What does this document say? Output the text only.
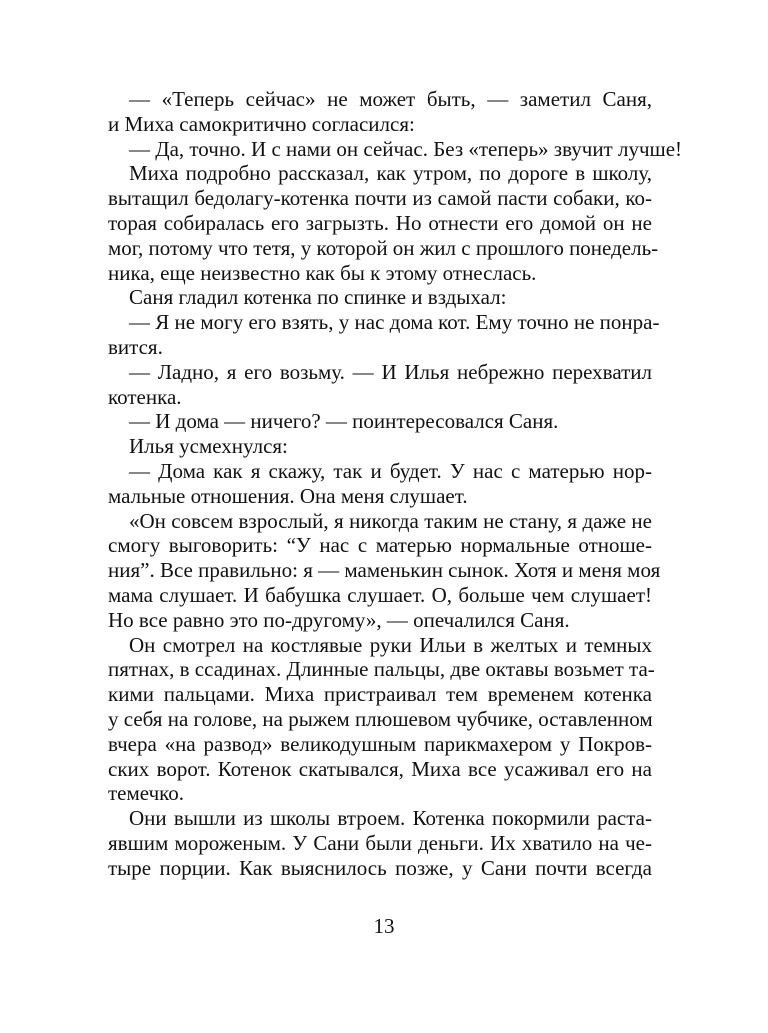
— «Теперь сейчас» не может быть, — заметил Саня,
и Миха самокритично согласился:
— Да, точно. И с нами он сейчас. Без «теперь» звучит лучше!
Миха подробно рассказал, как утром, по дороге в школу,
вытащил бедолагу-котенка почти из самой пасти собаки, ко-
торая собиралась его загрызть. Но отнести его домой он не
мог, потому что тетя, у которой он жил с прошлого понедель-
ника, еще неизвестно как бы к этому отнеслась.
Саня гладил котенка по спинке и вздыхал:
— Я не могу его взять, у нас дома кот. Ему точно не понра-
вится.
— Ладно, я его возьму. — И Илья небрежно перехватил
котенка.
— И дома — ничего? — поинтересовался Саня.
Илья усмехнулся:
— Дома как я скажу, так и будет. У нас с матерью нор-
мальные отношения. Она меня слушает.
«Он совсем взрослый, я никогда таким не стану, я даже не
смогу выговорить: “У нас с матерью нормальные отноше-
ния”. Все правильно: я — маменькин сынок. Хотя и меня моя
мама слушает. И бабушка слушает. О, больше чем слушает!
Но все равно это по-другому», — опечалился Саня.
Он смотрел на костлявые руки Ильи в желтых и темных
пятнах, в ссадинах. Длинные пальцы, две октавы возьмет та-
кими пальцами. Миха пристраивал тем временем котенка
у себя на голове, на рыжем плюшевом чубчике, оставленном
вчера «на развод» великодушным парикмахером у Покров-
ских ворот. Котенок скатывался, Миха все усаживал его на
темечко.
Они вышли из школы втроем. Котенка покормили раста-
явшим мороженым. У Сани были деньги. Их хватило на че-
тыре порции. Как выяснилось позже, у Сани почти всегда
13
